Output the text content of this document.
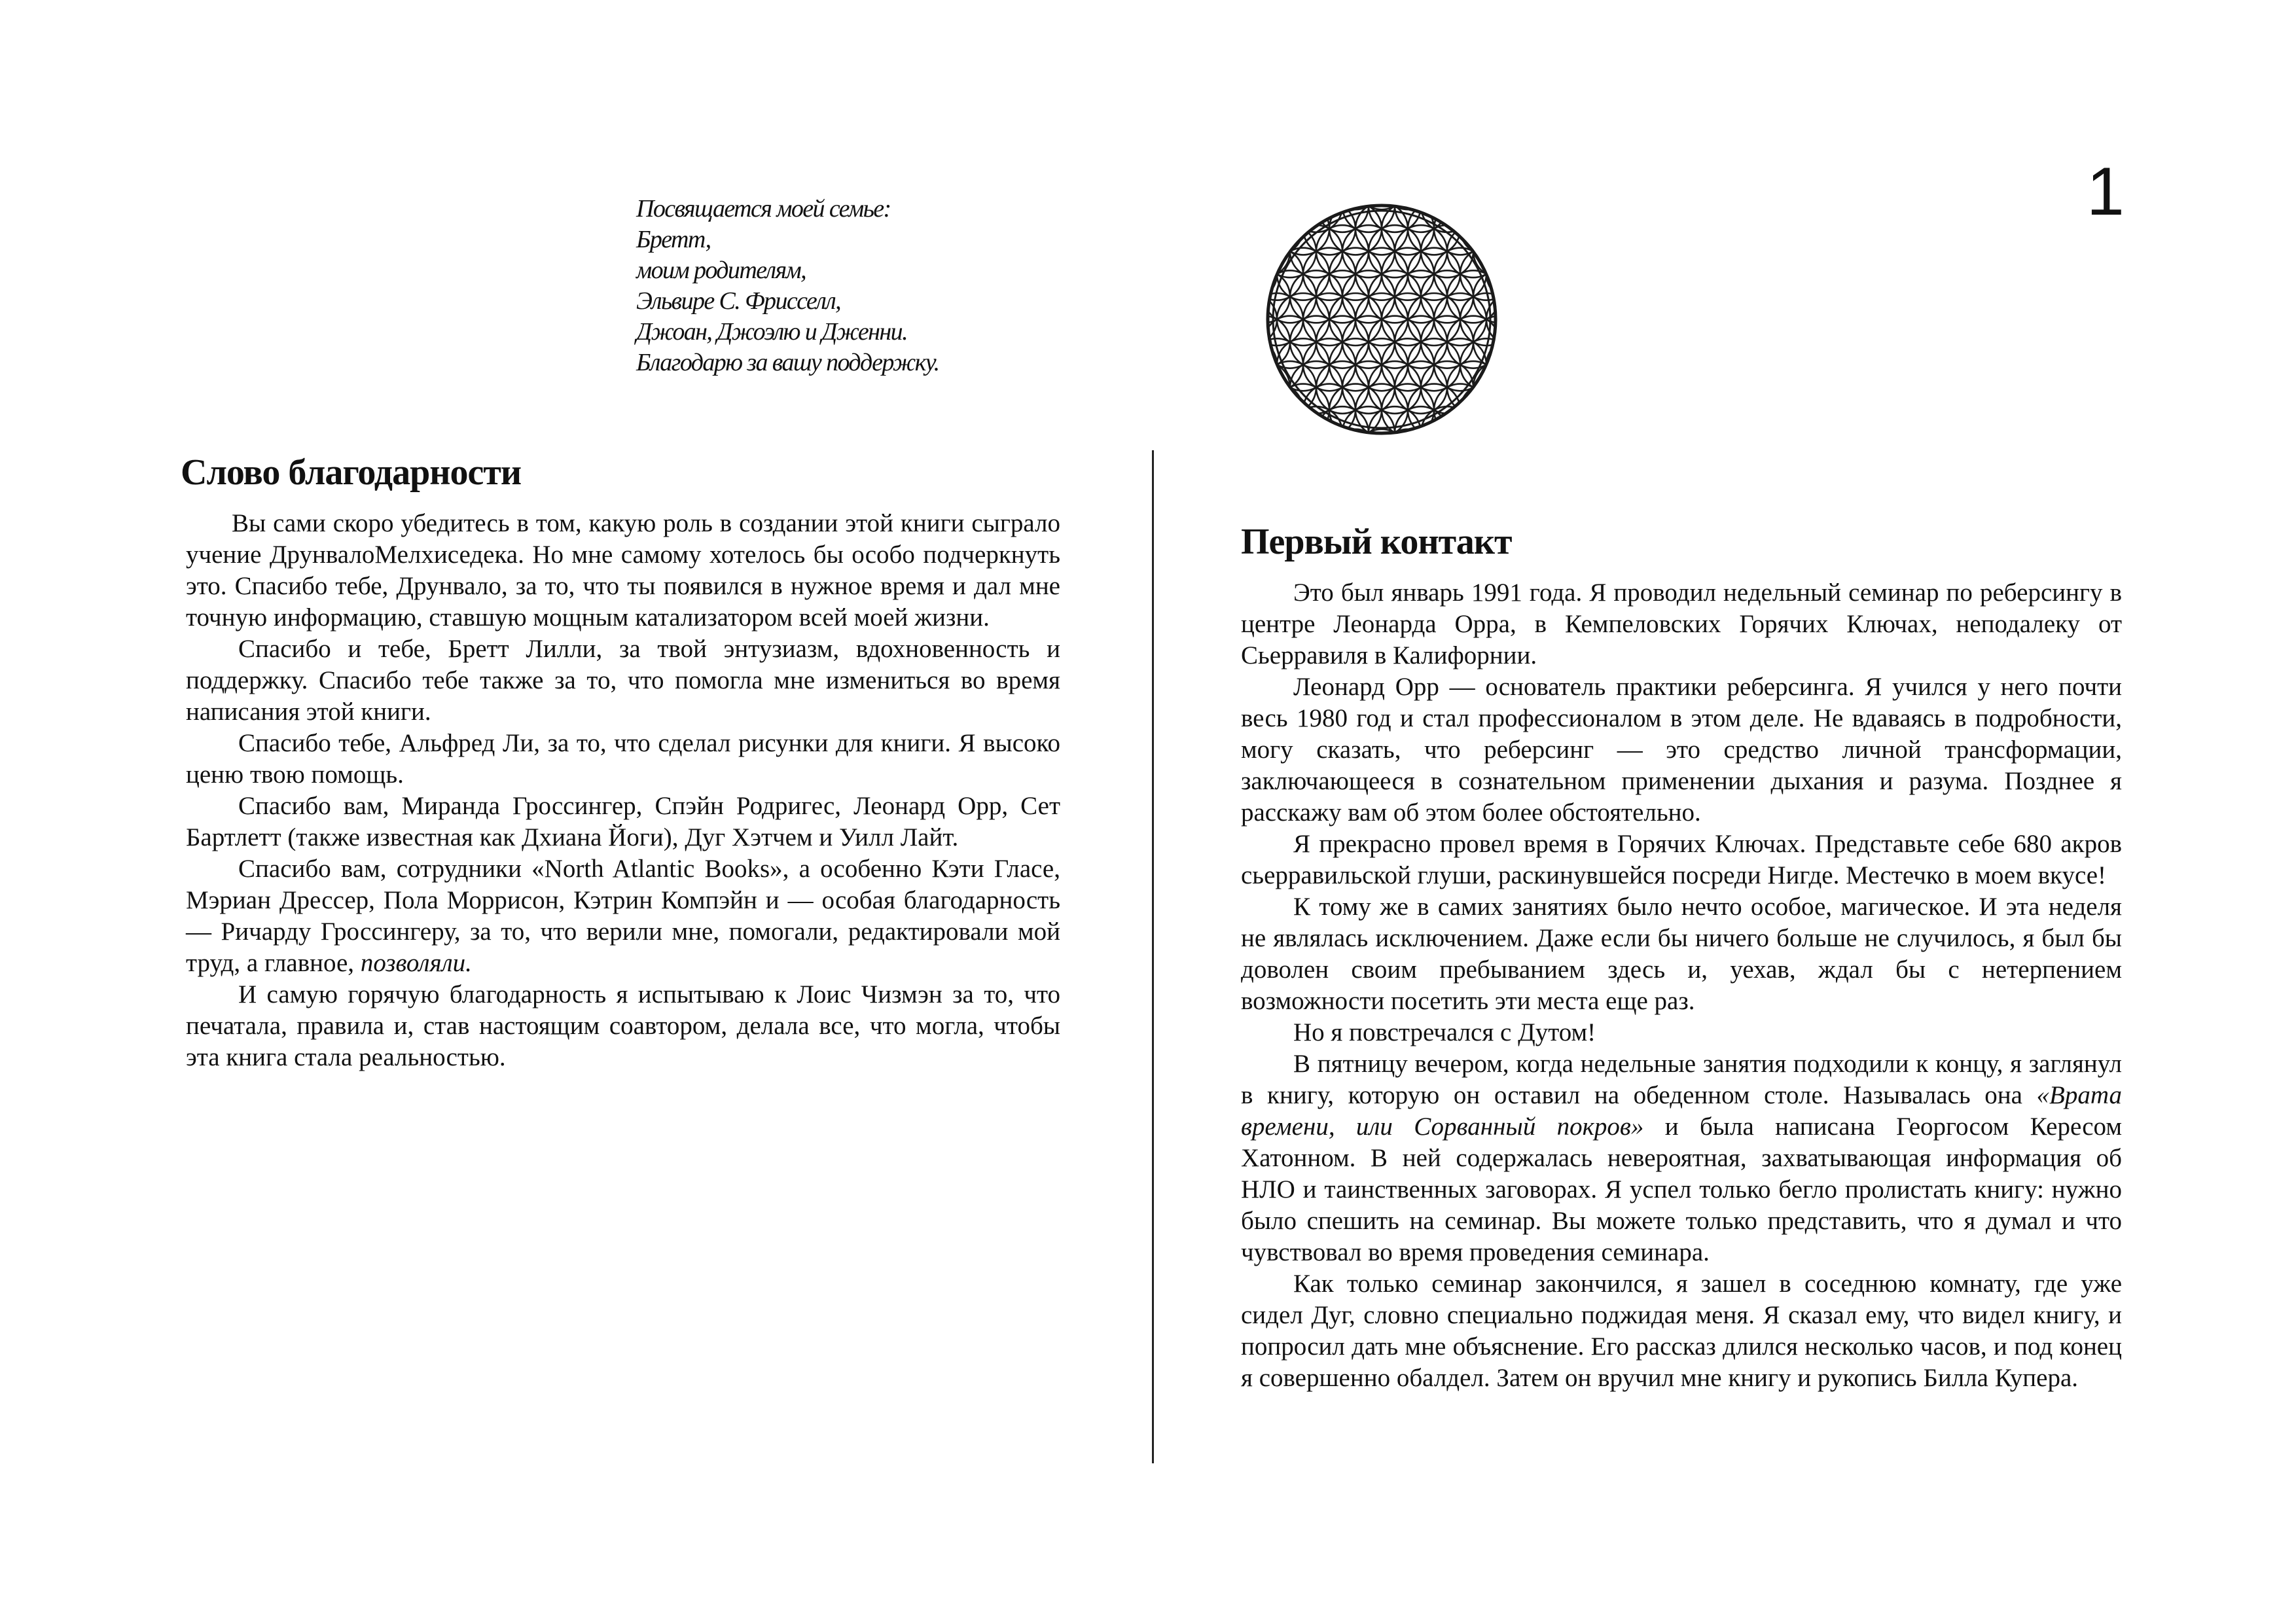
Посвящается моей семье:
Бретт,
моим родителям,
Эльвире С. Фрисселл,
Джоан, Джоэлю и Дженни.
Благодарю за вашу поддержку.
1
Слово благодарности

Вы сами скоро убедитесь в том, какую роль в создании этой книги сыграло учение ДрунвалоМелхиседека. Но мне самому хотелось бы особо подчеркнуть это. Спасибо тебе, Друнвало, за то, что ты появился в нужное время и дал мне точную информацию, ставшую мощным катализатором всей моей жизни.

Спасибо и тебе, Бретт Лилли, за твой энтузиазм, вдохновенность и поддержку. Спасибо тебе также за то, что помогла мне измениться во время написания этой книги.

Спасибо тебе, Альфред Ли, за то, что сделал рисунки для книги. Я высоко ценю твою помощь.

Спасибо вам, Миранда Гроссингер, Спэйн Родригес, Леонард Орр, Сет Бартлетт (также известная как Дхиана Йоги), Дуг Хэтчем и Уилл Лайт.

Спасибо вам, сотрудники «North Atlantic Books», а особенно Кэти Гласе, Мэриан Дрессер, Пола Моррисон, Кэтрин Компэйн и — особая благодарность — Ричарду Гроссингеру, за то, что верили мне, помогали, редактировали мой труд, а главное, позволяли.

И самую горячую благодарность я испытываю к Лоис Чизмэн за то, что печатала, правила и, став настоящим соавтором, делала все, что могла, чтобы эта книга стала реальностью.

Первый контакт

Это был январь 1991 года. Я проводил недельный семинар по реберсингу в центре Леонарда Орра, в Кемпеловских Горячих Ключах, неподалеку от Сьерравиля в Калифорнии.

Леонард Орр — основатель практики реберсинга. Я учился у него почти весь 1980 год и стал профессионалом в этом деле. Не вдаваясь в подробности, могу сказать, что реберсинг — это средство личной трансформации, заключающееся в сознательном применении дыхания и разума. Позднее я расскажу вам об этом более обстоятельно.

Я прекрасно провел время в Горячих Ключах. Представьте себе 680 акров сьерравильской глуши, раскинувшейся посреди Нигде. Местечко в моем вкусе!

К тому же в самих занятиях было нечто особое, магическое. И эта неделя не являлась исключением. Даже если бы ничего больше не случилось, я был бы доволен своим пребыванием здесь и, уехав, ждал бы с нетерпением возможности посетить эти места еще раз.

Но я повстречался с Дутом!

В пятницу вечером, когда недельные занятия подходили к концу, я заглянул в книгу, которую он оставил на обеденном столе. Называлась она «Врата времени, или Сорванный покров» и была написана Георгосом Кересом Хатонном. В ней содержалась невероятная, захватывающая информация об НЛО и таинственных заговорах. Я успел только бегло пролистать книгу: нужно было спешить на семинар. Вы можете только представить, что я думал и что чувствовал во время проведения семинара.

Как только семинар закончился, я зашел в соседнюю комнату, где уже сидел Дуг, словно специально поджидая меня. Я сказал ему, что видел книгу, и попросил дать мне объяснение. Его рассказ длился несколько часов, и под конец я совершенно обалдел. Затем он вручил мне книгу и рукопись Билла Купера.
